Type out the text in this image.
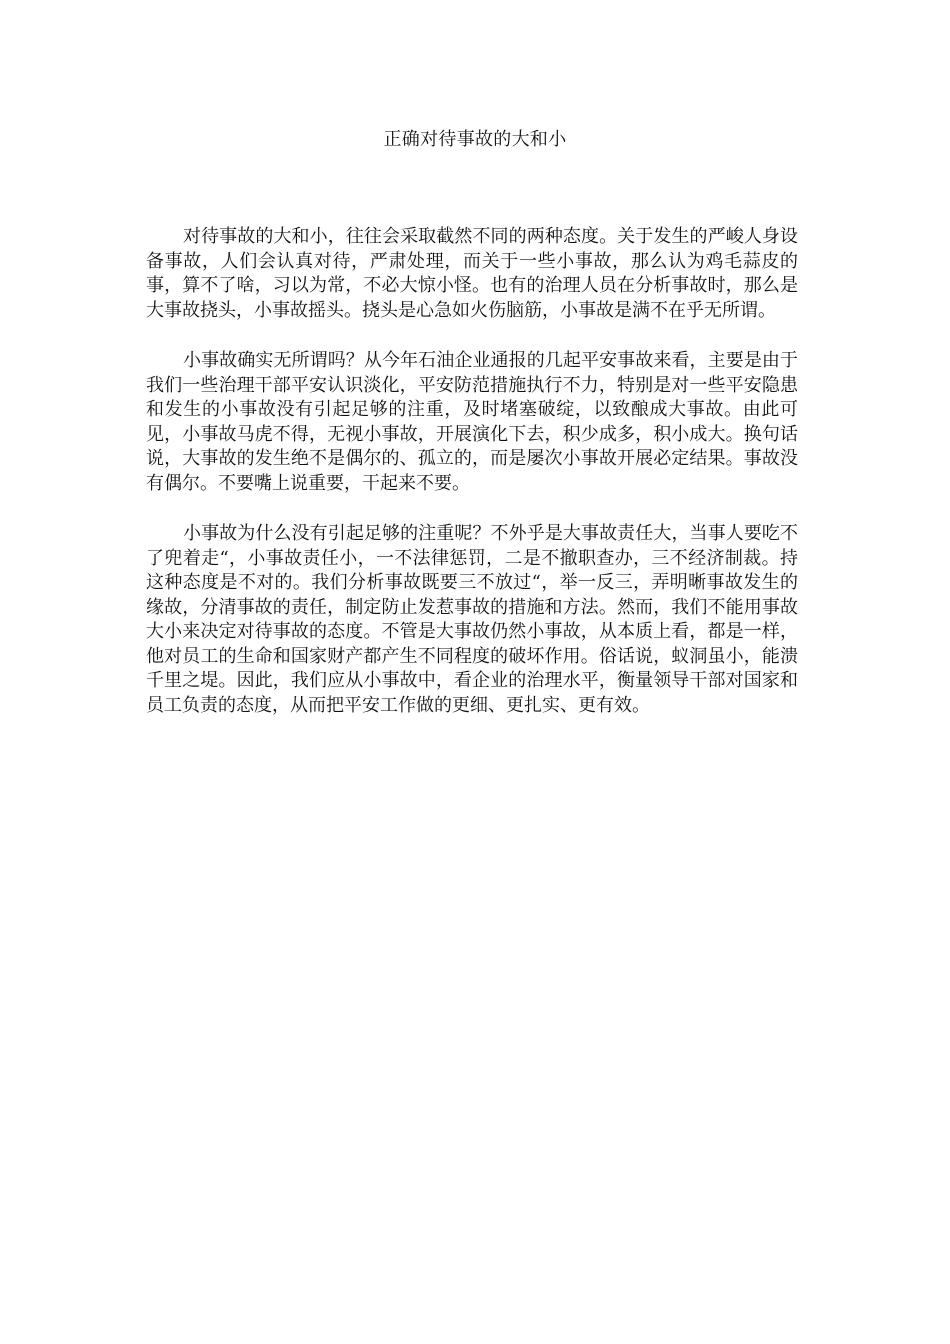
正确对待事故的大和小

对待事故的大和小，往往会采取截然不同的两种态度。关于发生的严峻人身设备事故，人们会认真对待，严肃处理，而关于一些小事故，那么认为鸡毛蒜皮的事，算不了啥，习以为常，不必大惊小怪。也有的治理人员在分析事故时，那么是大事故挠头，小事故摇头。挠头是心急如火伤脑筋，小事故是满不在乎无所谓。

小事故确实无所谓吗？从今年石油企业通报的几起平安事故来看，主要是由于我们一些治理干部平安认识淡化，平安防范措施执行不力，特别是对一些平安隐患和发生的小事故没有引起足够的注重，及时堵塞破绽，以致酿成大事故。由此可见，小事故马虎不得，无视小事故，开展演化下去，积少成多，积小成大。换句话说，大事故的发生绝不是偶尔的、孤立的，而是屡次小事故开展必定结果。事故没有偶尔。不要嘴上说重要，干起来不要。

小事故为什么没有引起足够的注重呢？不外乎是大事故责任大，当事人要吃不了兜着走“，小事故责任小，一不法律惩罚，二是不撤职查办，三不经济制裁。持这种态度是不对的。我们分析事故既要三不放过“，举一反三，弄明晰事故发生的缘故，分清事故的责任，制定防止发惹事故的措施和方法。然而，我们不能用事故大小来决定对待事故的态度。不管是大事故仍然小事故，从本质上看，都是一样，他对员工的生命和国家财产都产生不同程度的破坏作用。俗话说，蚁洞虽小，能溃千里之堤。因此，我们应从小事故中，看企业的治理水平，衡量领导干部对国家和员工负责的态度，从而把平安工作做的更细、更扎实、更有效。
